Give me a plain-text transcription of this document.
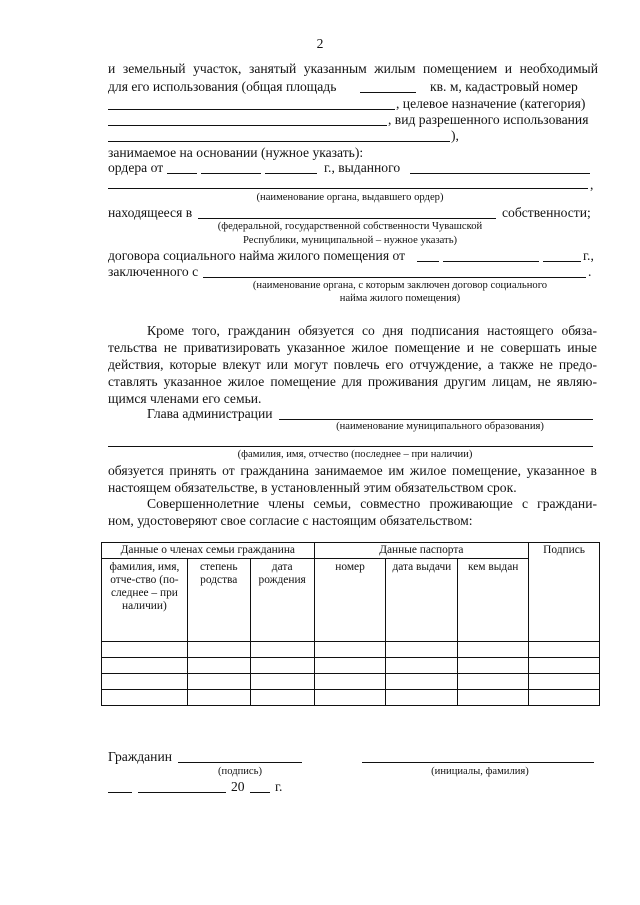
2
и земельный участок, занятый указанным жилым помещением и необходимый
для его использования (общая площадь	кв. м, кадастровый номер
, целевое назначение (категория)
, вид разрешенного использования
),
занимаемое на основании (нужное указать):
ордера от	г., выданного
,
(наименование органа, выдавшего ордер)
находящееся в	собственности;
(федеральной, государственной собственности Чувашской
Республики, муниципальной – нужное указать)
договора социального найма жилого помещения от	г.,
заключенного с	.
(наименование органа, с которым заключен договор социального
найма жилого помещения)
Кроме того, гражданин обязуется со дня подписания настоящего обяза-
тельства не приватизировать указанное жилое помещение и не совершать иные
действия, которые влекут или могут повлечь его отчуждение, а также не предо-
ставлять указанное жилое помещение для проживания другим лицам, не являю-
щимся членами его семьи.
Глава администрации
(наименование муниципального образования)
(фамилия, имя, отчество (последнее – при наличии)
обязуется принять от гражданина занимаемое им жилое помещение, указанное в
настоящем обязательстве, в установленный этим обязательством срок.
Совершеннолетние члены семьи, совместно проживающие с граждани-
ном, удостоверяют свое согласие с настоящим обязательством:
Данные о членах семьи гражданина			Данные паспорта			Подпись
фамилия, имя, отче-ство (по-следнее – при наличии)	степень родства	дата рождения	номер	дата выдачи	кем выдан	

Гражданин
(подпись)	(инициалы, фамилия)
20 г.
